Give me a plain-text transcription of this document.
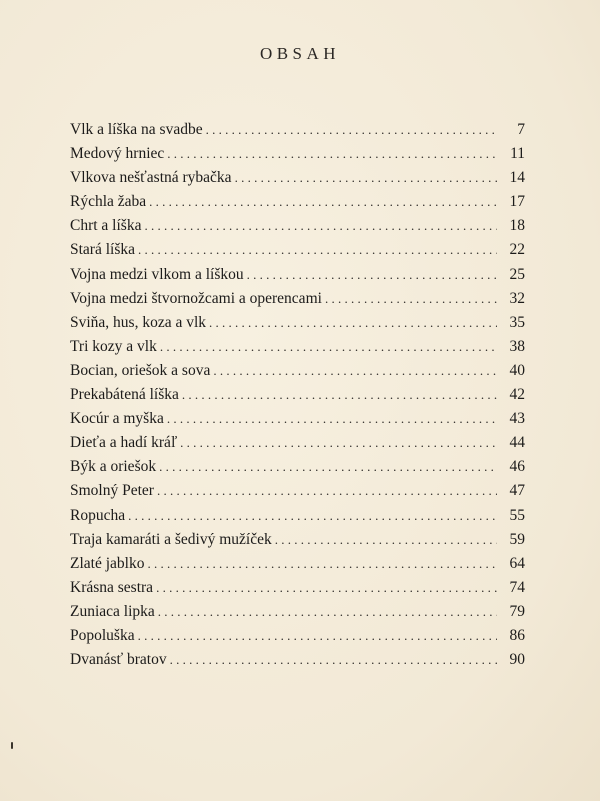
OBSAH
Vlk a líška na svadbe . . .	7
Medový hrniec . . .	11
Vlkova nešťastná rybačka . . .	14
Rýchla žaba . . .	17
Chrt a líška . . .	18
Stará líška . . .	22
Vojna medzi vlkom a líškou . . .	25
Vojna medzi štvornožcami a operencami . . .	32
Sviňa, hus, koza a vlk . . .	35
Tri kozy a vlk . . .	38
Bocian, oriešok a sova . . .	40
Prekabátená líška . . .	42
Kocúr a myška . . .	43
Dieťa a hadí kráľ . . .	44
Býk a oriešok . . .	46
Smolný Peter . . .	47
Ropucha . . .	55
Traja kamaráti a šedivý mužíček . . .	59
Zlaté jablko . . .	64
Krásna sestra . . .	74
Zuniaca lipka . . .	79
Popoluška . . .	86
Dvanásť bratov . . .	90
